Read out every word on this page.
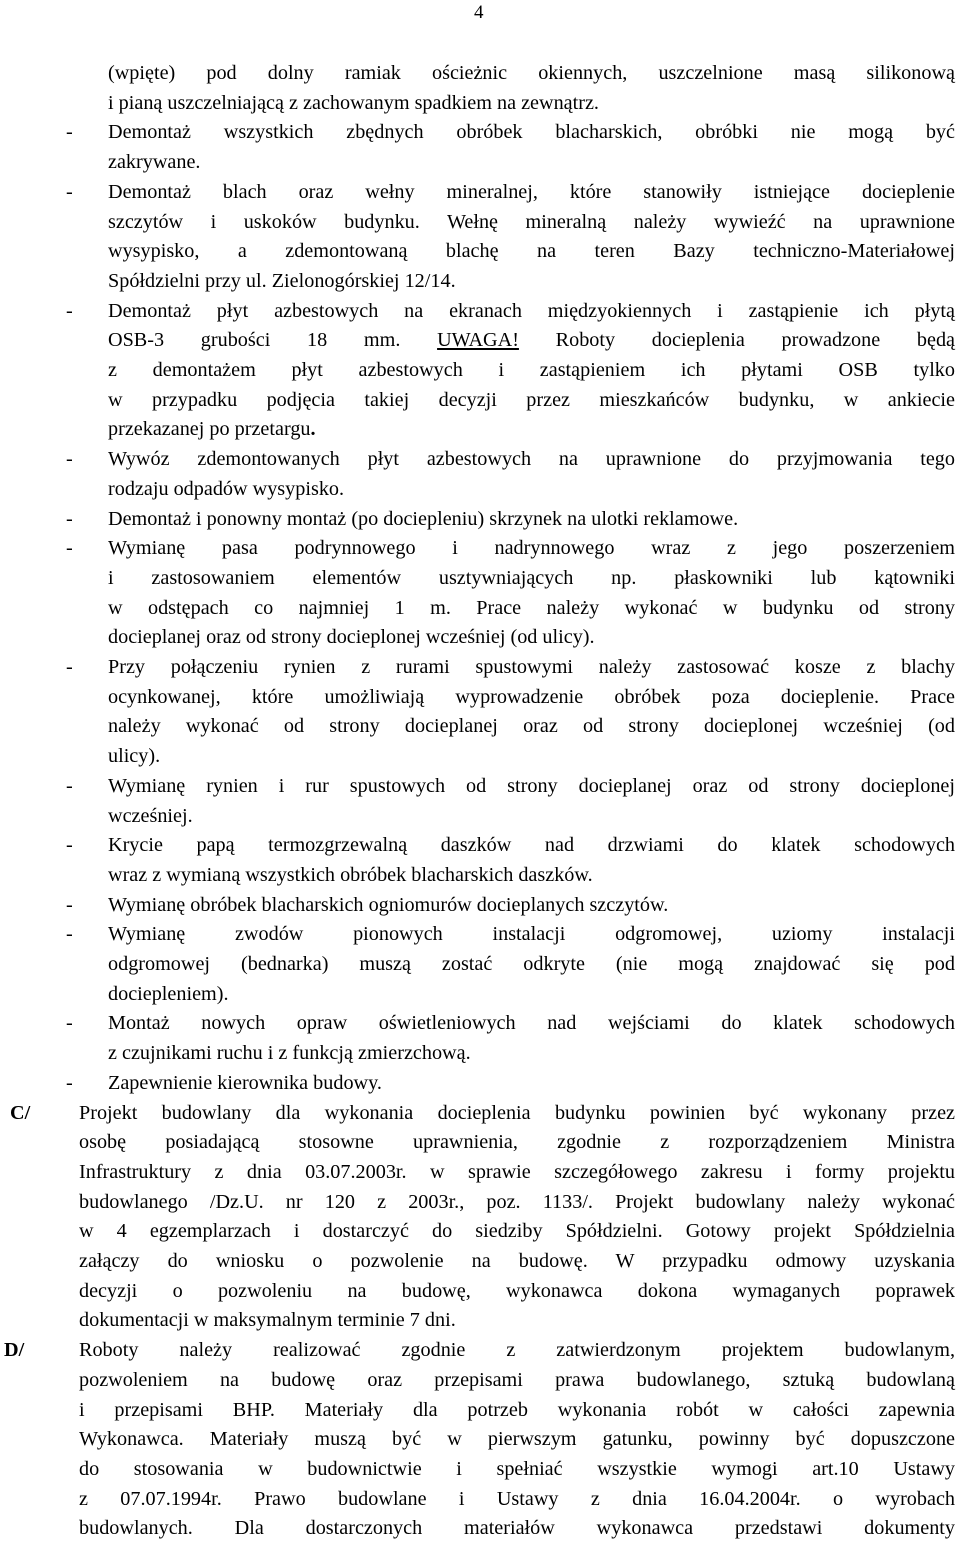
4
(wpięte) pod dolny ramiak ościeżnic okiennych, uszczelnione masą silikonową
i pianą uszczelniającą z zachowanym spadkiem na zewnątrz.
- Demontaż wszystkich zbędnych obróbek blacharskich, obróbki nie mogą być
zakrywane.
- Demontaż blach oraz wełny mineralnej, które stanowiły istniejące docieplenie
szczytów i uskoków budynku. Wełnę mineralną należy wywieźć na uprawnione
wysypisko, a zdemontowaną blachę na teren Bazy techniczno-Materiałowej
Spółdzielni przy ul. Zielonogórskiej 12/14.
- Demontaż płyt azbestowych na ekranach międzyokiennych i zastąpienie ich płytą
OSB-3 grubości 18 mm. UWAGA! Roboty docieplenia prowadzone będą
z demontażem płyt azbestowych i zastąpieniem ich płytami OSB tylko
w przypadku podjęcia takiej decyzji przez mieszkańców budynku, w ankiecie
przekazanej po przetargu.
- Wywóz zdemontowanych płyt azbestowych na uprawnione do przyjmowania tego
rodzaju odpadów wysypisko.
- Demontaż i ponowny montaż (po dociepleniu) skrzynek na ulotki reklamowe.
- Wymianę pasa podrynnowego i nadrynnowego wraz z jego poszerzeniem
i zastosowaniem elementów usztywniających np. płaskowniki lub kątowniki
w odstępach co najmniej 1 m. Prace należy wykonać w budynku od strony
docieplanej oraz od strony docieplonej wcześniej (od ulicy).
- Przy połączeniu rynien z rurami spustowymi należy zastosować kosze z blachy
ocynkowanej, które umożliwiają wyprowadzenie obróbek poza docieplenie. Prace
należy wykonać od strony docieplanej oraz od strony docieplonej wcześniej (od
ulicy).
- Wymianę rynien i rur spustowych od strony docieplanej oraz od strony docieplonej
wcześniej.
- Krycie papą termozgrzewalną daszków nad drzwiami do klatek schodowych
wraz z wymianą wszystkich obróbek blacharskich daszków.
- Wymianę obróbek blacharskich ogniomurów docieplanych szczytów.
- Wymianę zwodów pionowych instalacji odgromowej, uziomy instalacji
odgromowej (bednarka) muszą zostać odkryte (nie mogą znajdować się pod
dociepleniem).
- Montaż nowych opraw oświetleniowych nad wejściami do klatek schodowych
z czujnikami ruchu i z funkcją zmierzchową.
- Zapewnienie kierownika budowy.
C/ Projekt budowlany dla wykonania docieplenia budynku powinien być wykonany przez
osobę posiadającą stosowne uprawnienia, zgodnie z rozporządzeniem Ministra
Infrastruktury z dnia 03.07.2003r. w sprawie szczegółowego zakresu i formy projektu
budowlanego /Dz.U. nr 120 z 2003r., poz. 1133/. Projekt budowlany należy wykonać
w 4 egzemplarzach i dostarczyć do siedziby Spółdzielni. Gotowy projekt Spółdzielnia
załączy do wniosku o pozwolenie na budowę. W przypadku odmowy uzyskania
decyzji o pozwoleniu na budowę, wykonawca dokona wymaganych poprawek
dokumentacji w maksymalnym terminie 7 dni.
D/	Roboty należy realizować zgodnie z zatwierdzonym projektem budowlanym,
pozwoleniem na budowę oraz przepisami prawa budowlanego, sztuką budowlaną
i przepisami BHP. Materiały dla potrzeb wykonania robót w całości zapewnia
Wykonawca. Materiały muszą być w pierwszym gatunku, powinny być dopuszczone
do stosowania w budownictwie i spełniać wszystkie wymogi art.10 Ustawy
z 07.07.1994r. Prawo budowlane i Ustawy z dnia 16.04.2004r. o wyrobach
budowlanych. Dla dostarczonych materiałów wykonawca przedstawi dokumenty
